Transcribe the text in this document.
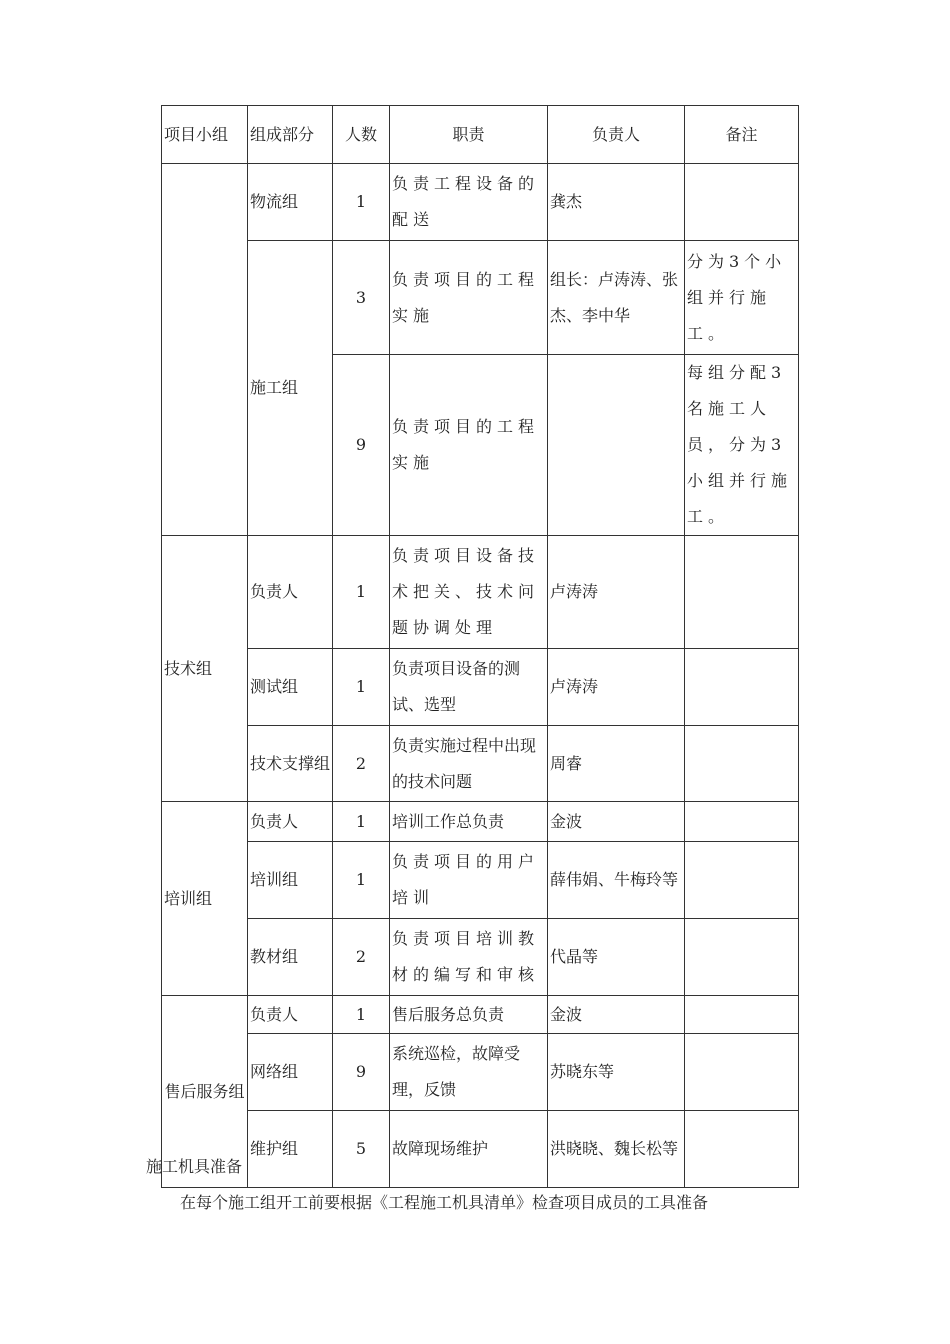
项目小组	组成部分	人数	职责	负责人	备注
	物流组	1	负责工程设备的配送	龚杰	
	施工组	3	负责项目的工程实施	组长：卢涛涛、张杰、李中华	分为3个小组并行施工。
		9	负责项目的工程实施		每组分配3名施工人员，分为3小组并行施工。
技术组	负责人	1	负责项目设备技术把关、技术问题协调处理	卢涛涛	
	测试组	1	负责项目设备的测试、选型	卢涛涛	
	技术支撑组	2	负责实施过程中出现的技术问题	周睿	
培训组	负责人	1	培训工作总负责	金波	
	培训组	1	负责项目的用户培训	薛伟娟、牛梅玲等	
	教材组	2	负责项目培训教材的编写和审核	代晶等	
售后服务组	负责人	1	售后服务总负责	金波	
	网络组	9	系统巡检，故障受理，反馈	苏晓东等	
	维护组	5	故障现场维护	洪晓晓、魏长松等	
施工机具准备
在每个施工组开工前要根据《工程施工机具清单》检查项目成员的工具准备
